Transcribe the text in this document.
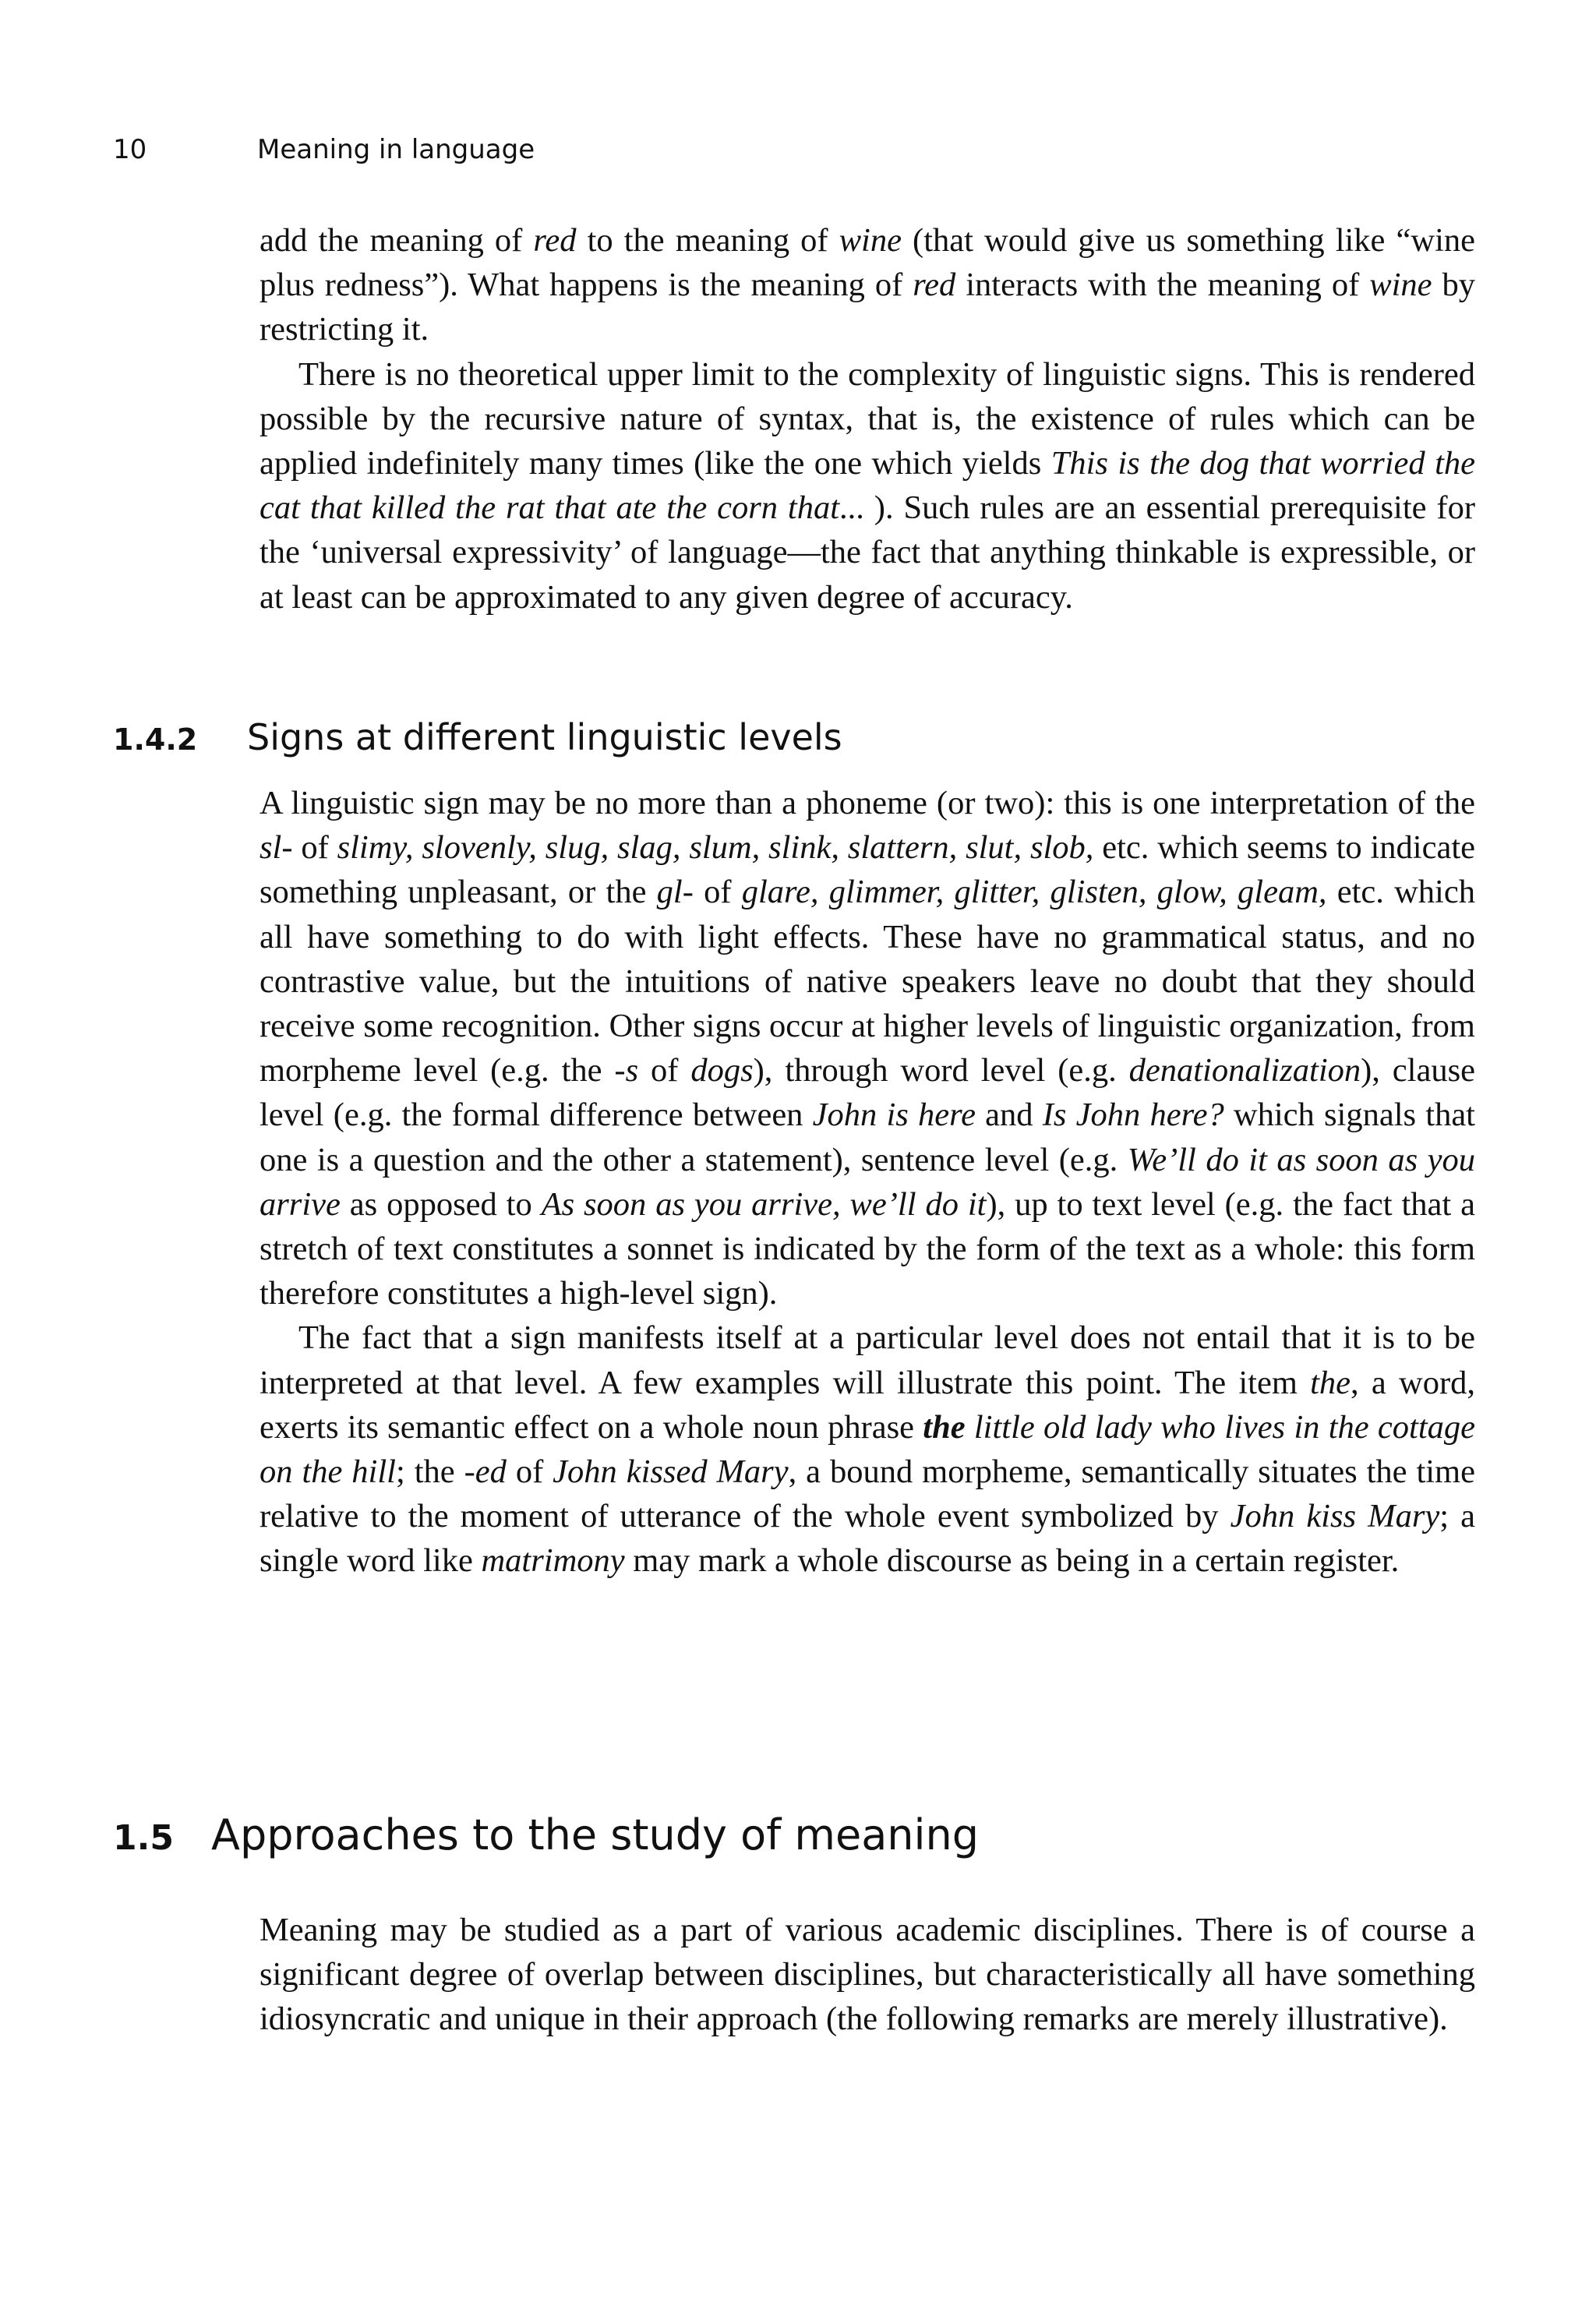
10	Meaning in language

add the meaning of red to the meaning of wine (that would give us something like “wine plus redness”). What happens is the meaning of red interacts with the meaning of wine by restricting it.

There is no theoretical upper limit to the complexity of linguistic signs. This is rendered possible by the recursive nature of syntax, that is, the existence of rules which can be applied indefinitely many times (like the one which yields This is the dog that worried the cat that killed the rat that ate the corn that... ). Such rules are an essential prerequisite for the ‘universal expressivity’ of language—the fact that anything thinkable is expressible, or at least can be approximated to any given degree of accuracy.

1.4.2 Signs at different linguistic levels

A linguistic sign may be no more than a phoneme (or two): this is one interpretation of the sl- of slimy, slovenly, slug, slag, slum, slink, slattern, slut, slob, etc. which seems to indicate something unpleasant, or the gl- of glare, glimmer, glitter, glisten, glow, gleam, etc. which all have something to do with light effects. These have no grammatical status, and no contrastive value, but the intuitions of native speakers leave no doubt that they should receive some recognition. Other signs occur at higher levels of linguistic organization, from morpheme level (e.g. the -s of dogs), through word level (e.g. denationalization), clause level (e.g. the formal difference between John is here and Is John here? which signals that one is a question and the other a statement), sentence level (e.g. We’ll do it as soon as you arrive as opposed to As soon as you arrive, we’ll do it), up to text level (e.g. the fact that a stretch of text constitutes a sonnet is indicated by the form of the text as a whole: this form therefore constitutes a high-level sign).

The fact that a sign manifests itself at a particular level does not entail that it is to be interpreted at that level. A few examples will illustrate this point. The item the, a word, exerts its semantic effect on a whole noun phrase the little old lady who lives in the cottage on the hill; the -ed of John kissed Mary, a bound morpheme, semantically situates the time relative to the moment of utterance of the whole event symbolized by John kiss Mary; a single word like matrimony may mark a whole discourse as being in a certain register.

1.5 Approaches to the study of meaning

Meaning may be studied as a part of various academic disciplines. There is of course a significant degree of overlap between disciplines, but characteristically all have something idiosyncratic and unique in their approach (the following remarks are merely illustrative).
